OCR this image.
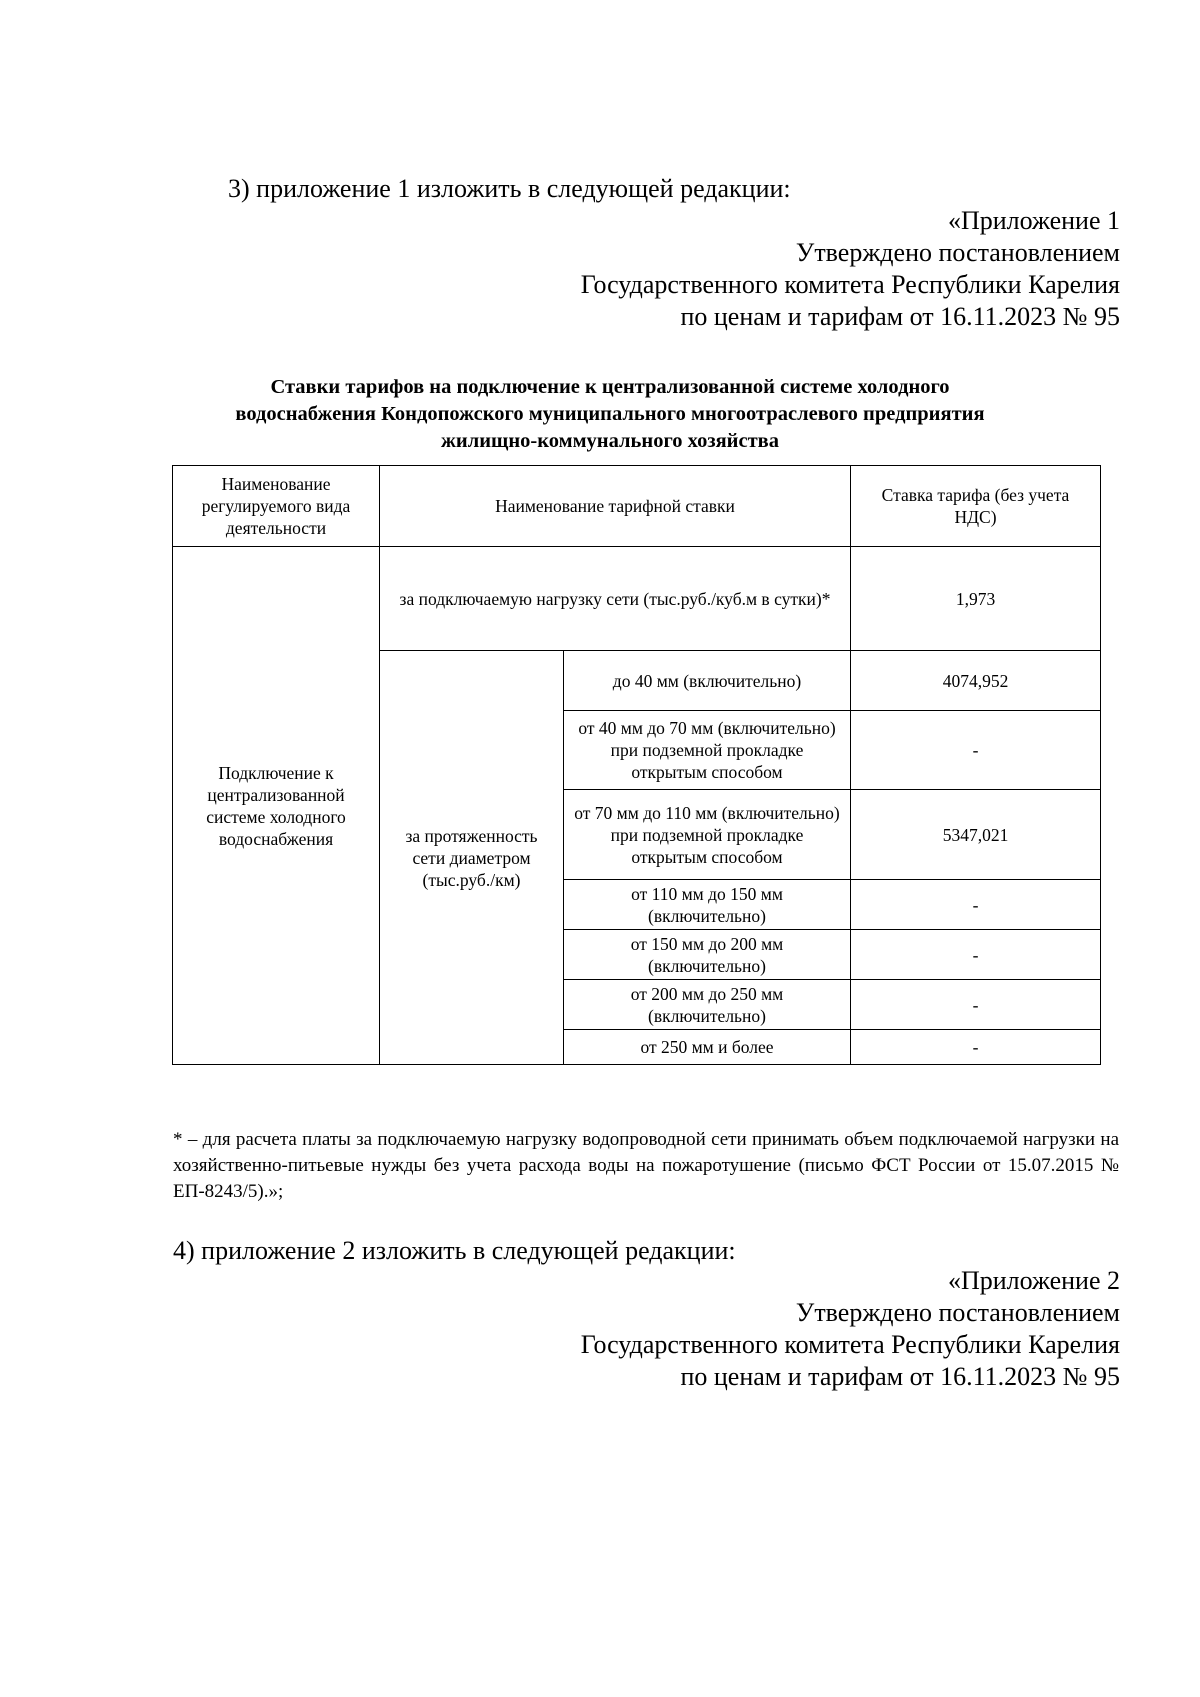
3) приложение 1 изложить в следующей редакции:
«Приложение 1
Утверждено постановлением
Государственного комитета Республики Карелия
по ценам и тарифам от 16.11.2023 № 95
Ставки тарифов на подключение к централизованной системе холодного
водоснабжения Кондопожского муниципального многоотраслевого предприятия
жилищно-коммунального хозяйства
Наименование регулируемого вида деятельности	Наименование тарифной ставки		Ставка тарифа (без учета НДС)
Подключение к централизованной системе холодного водоснабжения	за подключаемую нагрузку сети (тыс.руб./куб.м в сутки)*		1,973
	за протяженность сети диаметром (тыс.руб./км)	до 40 мм (включительно)	4074,952
		от 40 мм до 70 мм (включительно) при подземной прокладке открытым способом	-
		от 70 мм до 110 мм (включительно) при подземной прокладке открытым способом	5347,021
		от 110 мм до 150 мм (включительно)	-
		от 150 мм до 200 мм (включительно)	-
		от 200 мм до 250 мм (включительно)	-
		от 250 мм и более	-
* – для расчета платы за подключаемую нагрузку водопроводной сети принимать объем подключаемой нагрузки на хозяйственно-питьевые нужды без учета расхода воды на пожаротушение (письмо ФСТ России от 15.07.2015 № ЕП-8243/5).»;
4) приложение 2 изложить в следующей редакции:
«Приложение 2
Утверждено постановлением
Государственного комитета Республики Карелия
по ценам и тарифам от 16.11.2023 № 95
